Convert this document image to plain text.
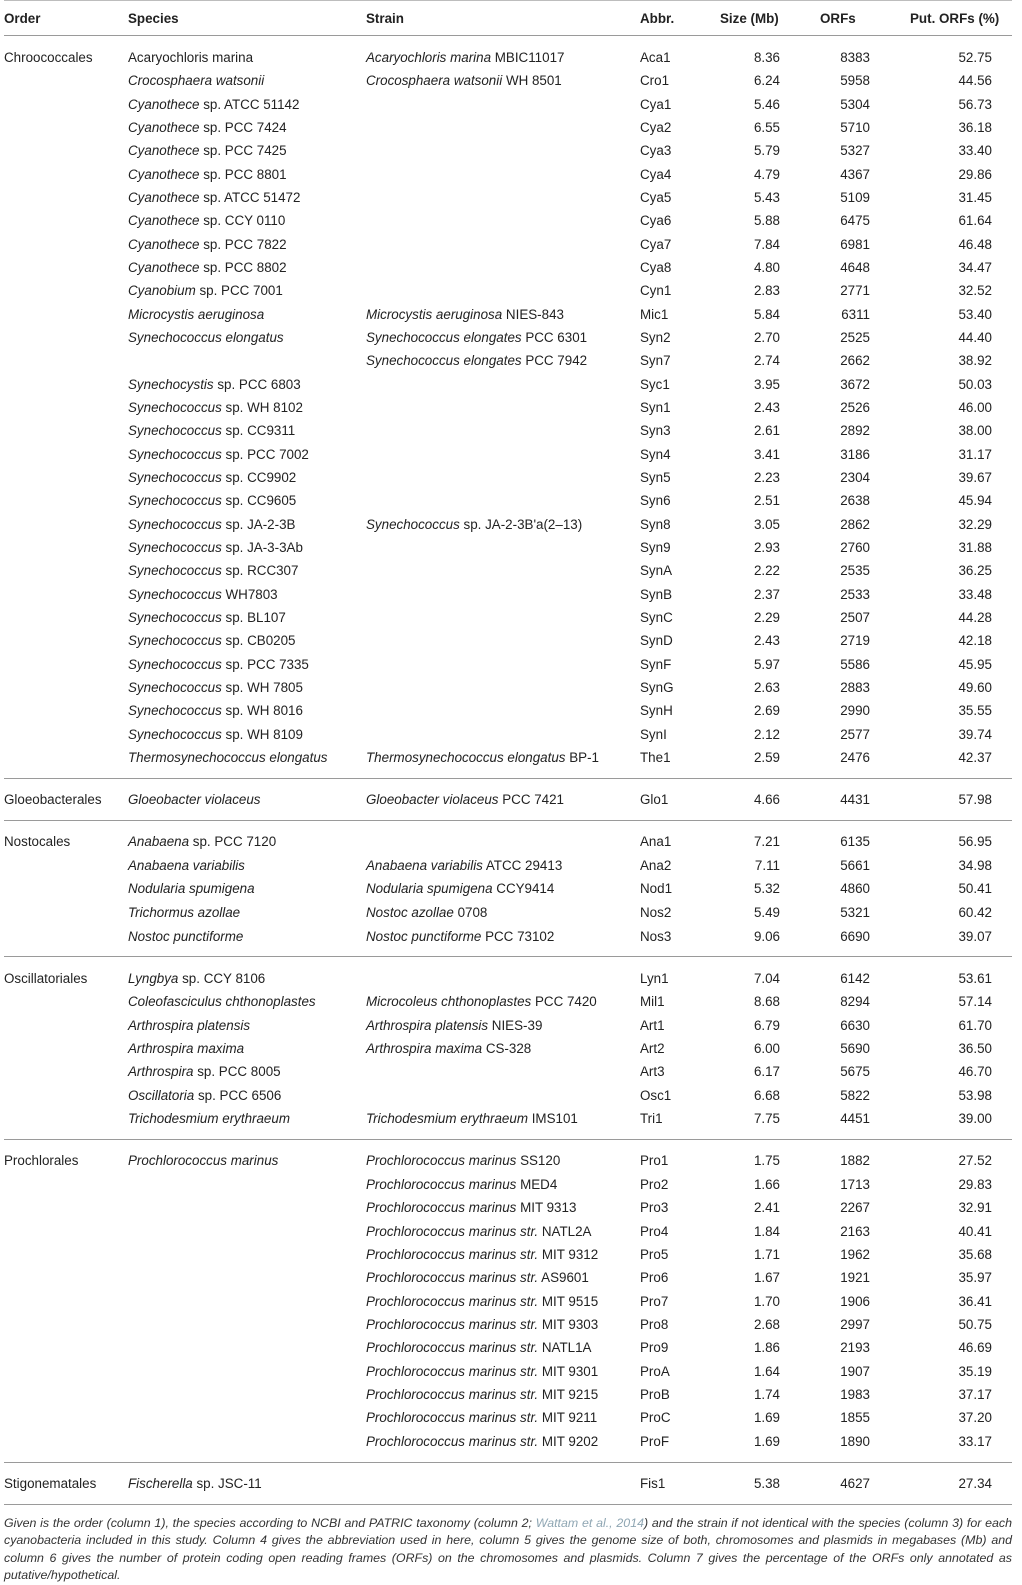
Order	Species	Strain	Abbr.	Size (Mb)	ORFs	Put. ORFs (%)
Chroococcales	Acaryochloris marina	Acaryochloris marina MBIC11017	Aca1	8.36	8383	52.75
	Crocosphaera watsonii	Crocosphaera watsonii WH 8501	Cro1	6.24	5958	44.56
	Cyanothece sp. ATCC 51142		Cya1	5.46	5304	56.73
	Cyanothece sp. PCC 7424		Cya2	6.55	5710	36.18
	Cyanothece sp. PCC 7425		Cya3	5.79	5327	33.40
	Cyanothece sp. PCC 8801		Cya4	4.79	4367	29.86
	Cyanothece sp. ATCC 51472		Cya5	5.43	5109	31.45
	Cyanothece sp. CCY 0110		Cya6	5.88	6475	61.64
	Cyanothece sp. PCC 7822		Cya7	7.84	6981	46.48
	Cyanothece sp. PCC 8802		Cya8	4.80	4648	34.47
	Cyanobium sp. PCC 7001		Cyn1	2.83	2771	32.52
	Microcystis aeruginosa	Microcystis aeruginosa NIES-843	Mic1	5.84	6311	53.40
	Synechococcus elongatus	Synechococcus elongates PCC 6301	Syn2	2.70	2525	44.40
		Synechococcus elongates PCC 7942	Syn7	2.74	2662	38.92
	Synechocystis sp. PCC 6803		Syc1	3.95	3672	50.03
	Synechococcus sp. WH 8102		Syn1	2.43	2526	46.00
	Synechococcus sp. CC9311		Syn3	2.61	2892	38.00
	Synechococcus sp. PCC 7002		Syn4	3.41	3186	31.17
	Synechococcus sp. CC9902		Syn5	2.23	2304	39.67
	Synechococcus sp. CC9605		Syn6	2.51	2638	45.94
	Synechococcus sp. JA-2-3B	Synechococcus sp. JA-2-3B'a(2–13)	Syn8	3.05	2862	32.29
	Synechococcus sp. JA-3-3Ab		Syn9	2.93	2760	31.88
	Synechococcus sp. RCC307		SynA	2.22	2535	36.25
	Synechococcus WH7803		SynB	2.37	2533	33.48
	Synechococcus sp. BL107		SynC	2.29	2507	44.28
	Synechococcus sp. CB0205		SynD	2.43	2719	42.18
	Synechococcus sp. PCC 7335		SynF	5.97	5586	45.95
	Synechococcus sp. WH 7805		SynG	2.63	2883	49.60
	Synechococcus sp. WH 8016		SynH	2.69	2990	35.55
	Synechococcus sp. WH 8109		SynI	2.12	2577	39.74
	Thermosynechococcus elongatus	Thermosynechococcus elongatus BP-1	The1	2.59	2476	42.37
Gloeobacterales	Gloeobacter violaceus	Gloeobacter violaceus PCC 7421	Glo1	4.66	4431	57.98
Nostocales	Anabaena sp. PCC 7120		Ana1	7.21	6135	56.95
	Anabaena variabilis	Anabaena variabilis ATCC 29413	Ana2	7.11	5661	34.98
	Nodularia spumigena	Nodularia spumigena CCY9414	Nod1	5.32	4860	50.41
	Trichormus azollae	Nostoc azollae 0708	Nos2	5.49	5321	60.42
	Nostoc punctiforme	Nostoc punctiforme PCC 73102	Nos3	9.06	6690	39.07
Oscillatoriales	Lyngbya sp. CCY 8106		Lyn1	7.04	6142	53.61
	Coleofasciculus chthonoplastes	Microcoleus chthonoplastes PCC 7420	Mil1	8.68	8294	57.14
	Arthrospira platensis	Arthrospira platensis NIES-39	Art1	6.79	6630	61.70
	Arthrospira maxima	Arthrospira maxima CS-328	Art2	6.00	5690	36.50
	Arthrospira sp. PCC 8005		Art3	6.17	5675	46.70
	Oscillatoria sp. PCC 6506		Osc1	6.68	5822	53.98
	Trichodesmium erythraeum	Trichodesmium erythraeum IMS101	Tri1	7.75	4451	39.00
Prochlorales	Prochlorococcus marinus	Prochlorococcus marinus SS120	Pro1	1.75	1882	27.52
		Prochlorococcus marinus MED4	Pro2	1.66	1713	29.83
		Prochlorococcus marinus MIT 9313	Pro3	2.41	2267	32.91
		Prochlorococcus marinus str. NATL2A	Pro4	1.84	2163	40.41
		Prochlorococcus marinus str. MIT 9312	Pro5	1.71	1962	35.68
		Prochlorococcus marinus str. AS9601	Pro6	1.67	1921	35.97
		Prochlorococcus marinus str. MIT 9515	Pro7	1.70	1906	36.41
		Prochlorococcus marinus str. MIT 9303	Pro8	2.68	2997	50.75
		Prochlorococcus marinus str. NATL1A	Pro9	1.86	2193	46.69
		Prochlorococcus marinus str. MIT 9301	ProA	1.64	1907	35.19
		Prochlorococcus marinus str. MIT 9215	ProB	1.74	1983	37.17
		Prochlorococcus marinus str. MIT 9211	ProC	1.69	1855	37.20
		Prochlorococcus marinus str. MIT 9202	ProF	1.69	1890	33.17
Stigonematales	Fischerella sp. JSC-11		Fis1	5.38	4627	27.34

Given is the order (column 1), the species according to NCBI and PATRIC taxonomy (column 2; Wattam et al., 2014) and the strain if not identical with the species (column 3) for each cyanobacteria included in this study. Column 4 gives the abbreviation used in here, column 5 gives the genome size of both, chromosomes and plasmids in megabases (Mb) and column 6 gives the number of protein coding open reading frames (ORFs) on the chromosomes and plasmids. Column 7 gives the percentage of the ORFs only annotated as putative/hypothetical.
